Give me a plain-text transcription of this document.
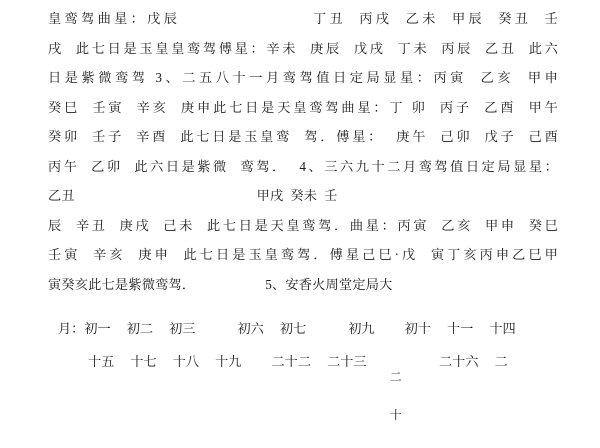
皇鸾驾曲星：戊辰                    丁丑  丙戌  乙未  甲辰  癸丑  壬
戌  此七日是玉皇皇鸾驾傅星：辛未  庚辰  戊戌  丁未  丙辰  乙丑  此六
日是紫微鸾驾 3、二五八十一月鸾驾值日定局显星：丙寅  乙亥  甲申
癸巳  壬寅  辛亥  庚申此七日是天皇鸾驾曲星：丁 卯  丙子  乙酉  甲午
癸卯  壬子  辛酉  此七日是玉皇鸾  驾．傅星：  庚午  己卯  戊子  己酉
丙午  乙卯  此六日是紫微  鸾驾．  4、三六九十二月鸾驾值日定局显星：
乙丑                                                    甲戌  癸未  壬
辰  辛丑  庚戌  己未  此七日是天皇鸾驾．曲星：丙寅  乙亥  甲申  癸巳
壬寅  辛亥  庚申  此七日是玉皇鸾驾．傅星己巳·戊  寅丁亥丙申乙巳甲
寅癸亥此七是紫微鸾驾．                    5、安香火周堂定局大
月： 初一 初二 初三	初六 初七	初九 初十 十一 十四
十五 十七 十八 十九 二十二 二十三

二

十

二十六 二
